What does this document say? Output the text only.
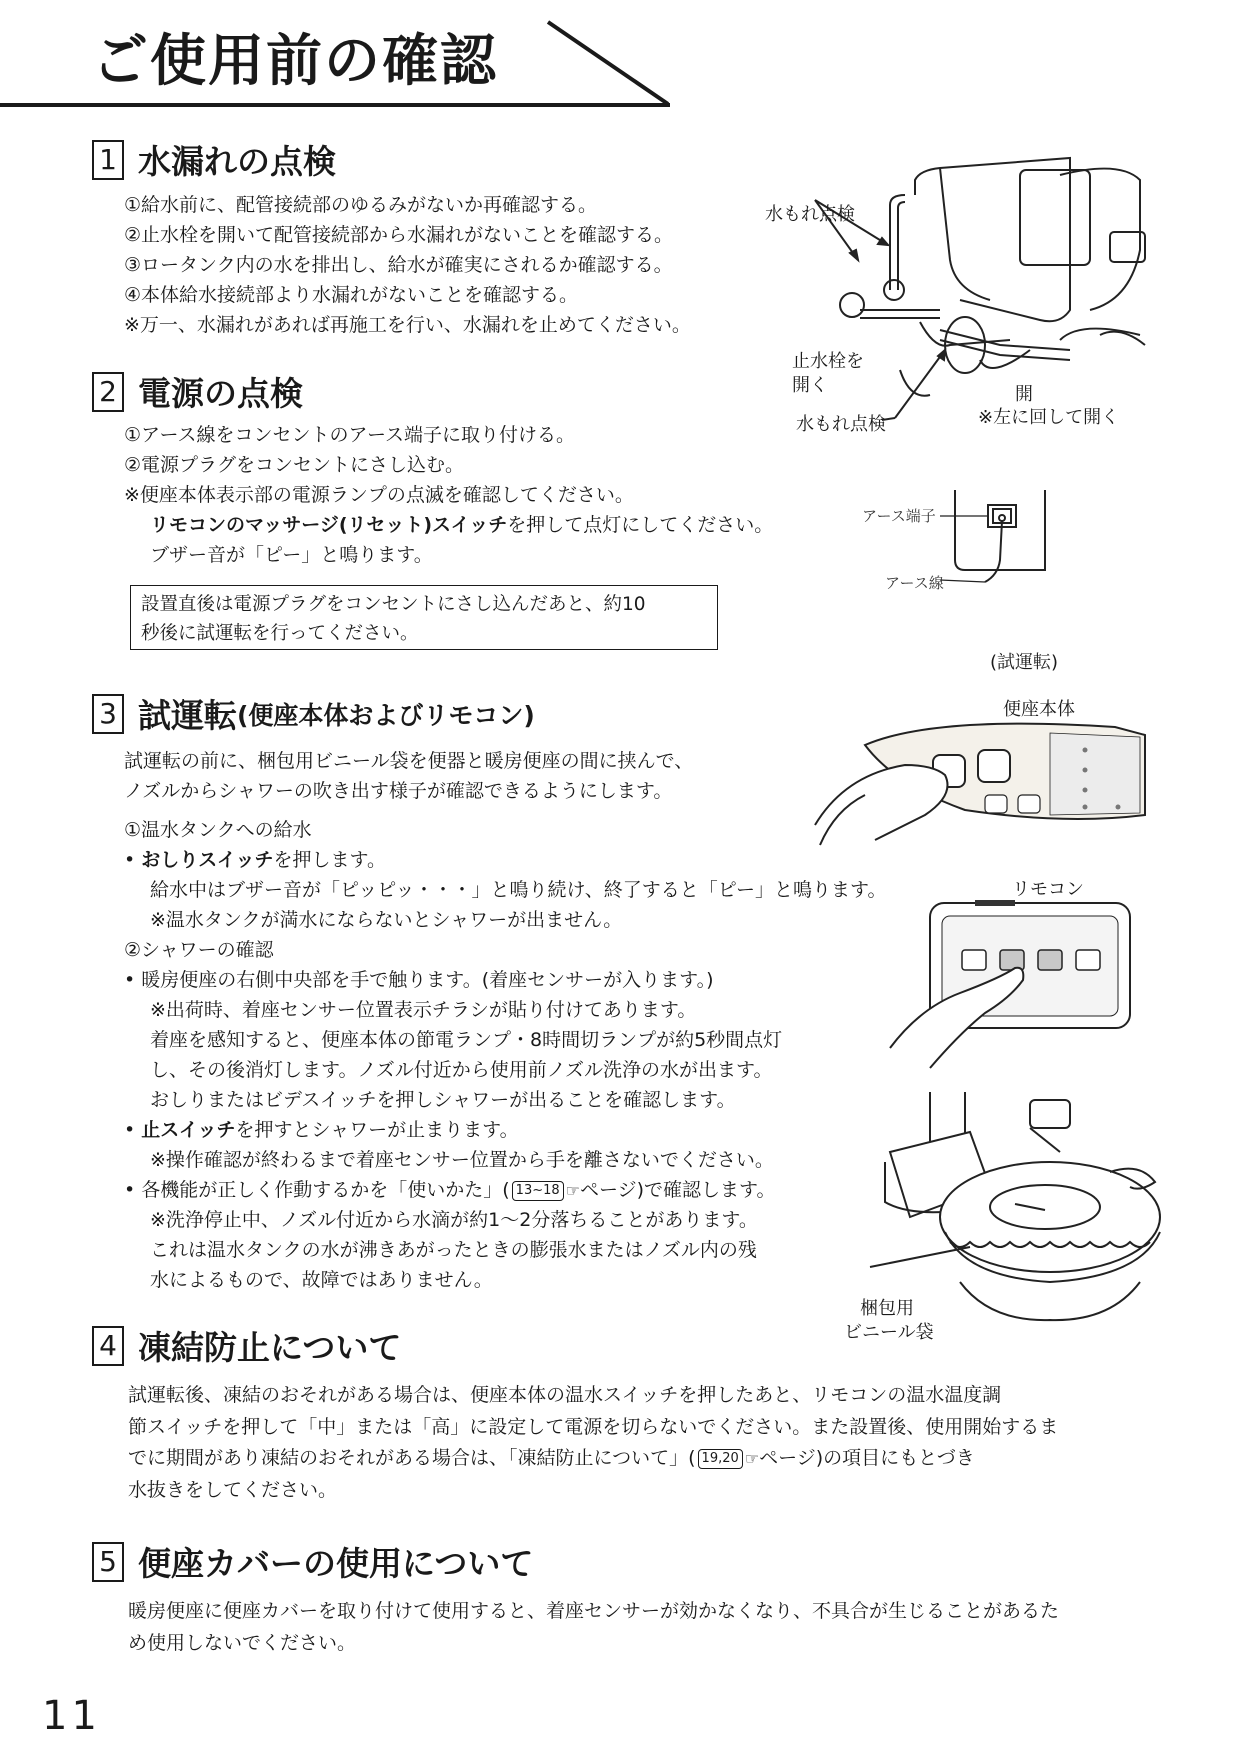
ご使用前の確認
1 水漏れの点検
①給水前に、配管接続部のゆるみがないか再確認する。
②止水栓を開いて配管接続部から水漏れがないことを確認する。
③ロータンク内の水を排出し、給水が確実にされるか確認する。
④本体給水接続部より水漏れがないことを確認する。
※万一、水漏れがあれば再施工を行い、水漏れを止めてください。
2 電源の点検
①アース線をコンセントのアース端子に取り付ける。
②電源プラグをコンセントにさし込む。
※便座本体表示部の電源ランプの点滅を確認してください。
リモコンのマッサージ(リセット)スイッチを押して点灯にしてください。
ブザー音が「ピー」と鳴ります。
設置直後は電源プラグをコンセントにさし込んだあと、約10
秒後に試運転を行ってください。
3 試運転 (便座本体およびリモコン)
試運転の前に、梱包用ビニール袋を便器と暖房便座の間に挟んで、
ノズルからシャワーの吹き出す様子が確認できるようにします。
①温水タンクへの給水
• おしりスイッチを押します。
給水中はブザー音が「ピッピッ・・・」と鳴り続け、終了すると「ピー」と鳴ります。
※温水タンクが満水にならないとシャワーが出ません。
②シャワーの確認
• 暖房便座の右側中央部を手で触ります。(着座センサーが入ります。)
※出荷時、着座センサー位置表示チラシが貼り付けてあります。
着座を感知すると、便座本体の節電ランプ・8時間切ランプが約5秒間点灯
し、その後消灯します。ノズル付近から使用前ノズル洗浄の水が出ます。
おしりまたはビデスイッチを押しシャワーが出ることを確認します。
• 止スイッチを押すとシャワーが止まります。
※操作確認が終わるまで着座センサー位置から手を離さないでください。
• 各機能が正しく作動するかを「使いかた」( 13~18 ☞ページ)で確認します。
※洗浄停止中、ノズル付近から水滴が約1〜2分落ちることがあります。
これは温水タンクの水が沸きあがったときの膨張水またはノズル内の残
水によるもので、故障ではありません。
4 凍結防止について
試運転後、凍結のおそれがある場合は、便座本体の温水スイッチを押したあと、リモコンの温水温度調
節スイッチを押して「中」または「高」に設定して電源を切らないでください。また設置後、使用開始するま
でに期間があり凍結のおそれがある場合は、「凍結防止について」( 19,20 ☞ページ)の項目にもとづき
水抜きをしてください。
5 便座カバーの使用について
暖房便座に便座カバーを取り付けて使用すると、着座センサーが効かなくなり、不具合が生じることがあるた
め使用しないでください。
11
水もれ点検
止水栓を
開く
水もれ点検
開
※左に回して開く
アース端子
アース線
(試運転)
便座本体
リモコン
梱包用
ビニール袋
